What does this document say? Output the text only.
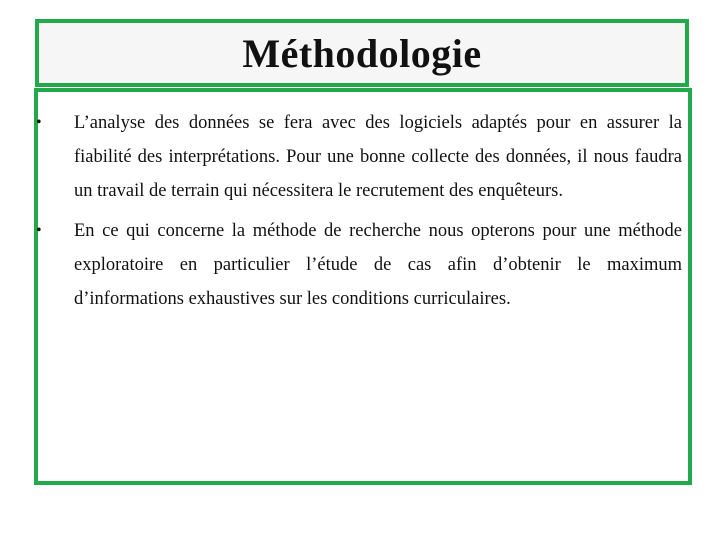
Méthodologie
• L’analyse des données se fera avec des logiciels adaptés pour en assurer la fiabilité des interprétations. Pour une bonne collecte des données, il nous faudra un travail de terrain qui nécessitera le recrutement des enquêteurs.
• En ce qui concerne la méthode de recherche nous opterons pour une méthode exploratoire en particulier l’étude de cas afin d’obtenir le maximum d’informations exhaustives sur les conditions curriculaires.
